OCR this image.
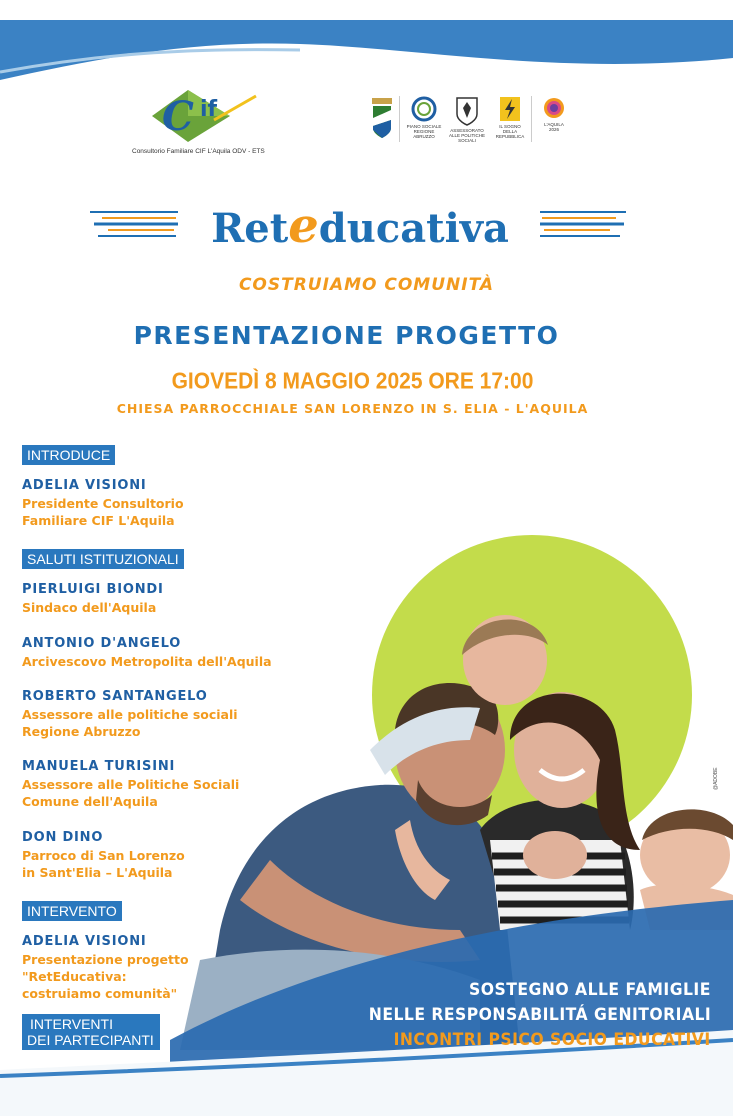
C if
Consultorio Familiare CIF L'Aquila ODV - ETS
PIANO SOCIALE REGIONE ABRUZZO
ASSESSORATO ALLE POLITICHE SOCIALI
IL SOGNO DELLA REPUBBLICA
L'AQUILA 2026
Reteducativa
COSTRUIAMO COMUNITÀ
PRESENTAZIONE PROGETTO
GIOVEDÌ 8 MAGGIO 2025 ORE 17:00
CHIESA PARROCCHIALE SAN LORENZO IN S. ELIA - L'AQUILA
INTRODUCE
ADELIA VISIONI
Presidente Consultorio
Familiare CIF L'Aquila
SALUTI ISTITUZIONALI
PIERLUIGI BIONDI
Sindaco dell'Aquila
ANTONIO D'ANGELO
Arcivescovo Metropolita dell'Aquila
ROBERTO SANTANGELO
Assessore alle politiche sociali
Regione Abruzzo
MANUELA TURISINI
Assessore alle Politiche Sociali
Comune dell'Aquila
DON DINO
Parroco di San Lorenzo
in Sant'Elia – L'Aquila
INTERVENTO
ADELIA VISIONI
Presentazione progetto
"RetEducativa:
costruiamo comunità"
INTERVENTI
DEI PARTECIPANTI
SOSTEGNO ALLE FAMIGLIE
NELLE RESPONSABILITÁ GENITORIALI
INCONTRI PSICO SOCIO EDUCATIVI
@ADOBE
